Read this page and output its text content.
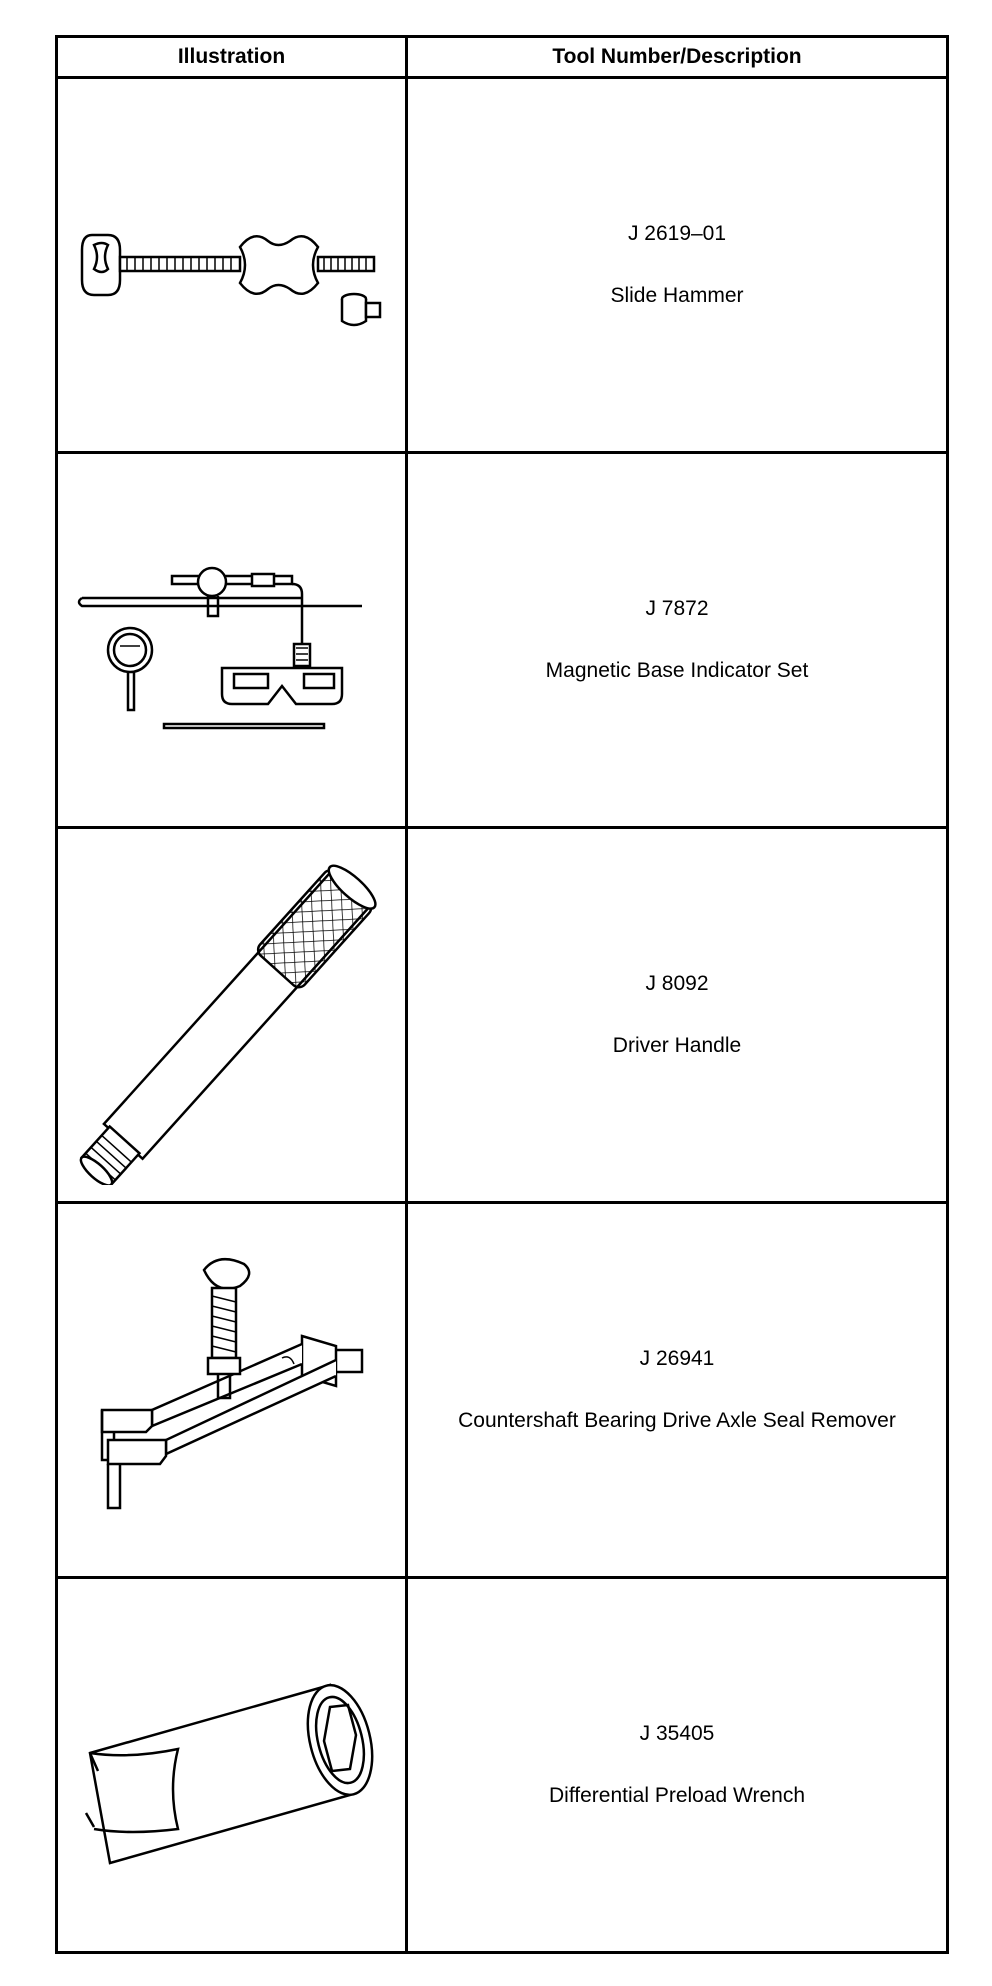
Illustration	Tool Number/Description

J 2619–01
Slide Hammer

J 7872
Magnetic Base Indicator Set

J 8092
Driver Handle

J 26941
Countershaft Bearing Drive Axle Seal Remover

J 35405
Differential Preload Wrench
